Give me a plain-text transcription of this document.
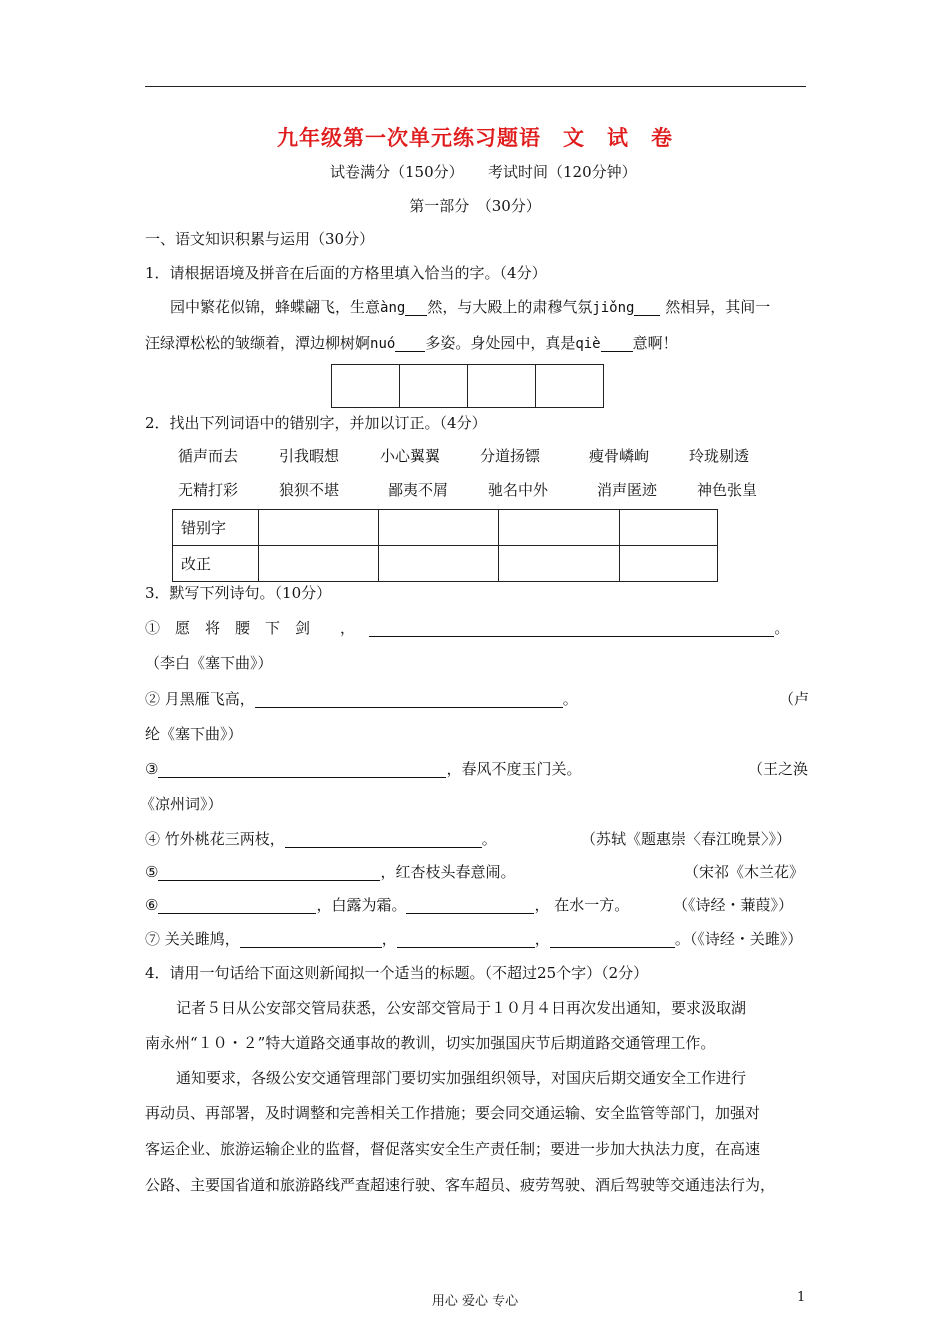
九年级第一次单元练习题语　文　试　卷
试卷满分（150分） 考试时间（120分钟）
第一部分　（30分）
一、语文知识积累与运用（30分）
1．请根据语境及拼音在后面的方格里填入恰当的字。（4分）
园中繁花似锦，蜂蝶翩飞，生意àng 然，与大殿上的肃穆气氛jiǒng 然相异，其间一
汪绿潭松松的皱缬着，潭边柳树婀nuó 多姿。身处园中，真是qiè 意啊！

2．找出下列词语中的错别字，并加以订正。（4分）
循声而去	引我暇想	小心翼翼	分道扬镖	瘦骨嶙峋	玲珑剔透
无精打彩	狼狈不堪	鄙夷不屑	驰名中外	消声匿迹	神色张皇
错别字				
改正				
3．默写下列诗句。（10分）
①　愿　将　腰　下　剑　　，	。
（李白《塞下曲》）
② 月黑雁飞高，	。	（卢
纶《塞下曲》）
③	，春风不度玉门关。	（王之涣
《凉州词》）
④ 竹外桃花三两枝，	。	（苏轼《题惠崇〈春江晚景〉》）
⑤	，红杏枝头春意闹。	（宋祁《木兰花》
⑥	，白露为霜。	， 在水一方。	（《诗经・蒹葭》）
⑦ 关关雎鸠，	，	，	。（《诗经・关雎》）
4．请用一句话给下面这则新闻拟一个适当的标题。（不超过25个字）（2分）
记者５日从公安部交管局获悉，公安部交管局于１０月４日再次发出通知，要求汲取湖
南永州“１０・２”特大道路交通事故的教训，切实加强国庆节后期道路交通管理工作。
通知要求，各级公安交通管理部门要切实加强组织领导，对国庆后期交通安全工作进行
再动员、再部署，及时调整和完善相关工作措施；要会同交通运输、安全监管等部门，加强对
客运企业、旅游运输企业的监督，督促落实安全生产责任制；要进一步加大执法力度，在高速
公路、主要国省道和旅游路线严查超速行驶、客车超员、疲劳驾驶、酒后驾驶等交通违法行为，
用心 爱心 专心	1
